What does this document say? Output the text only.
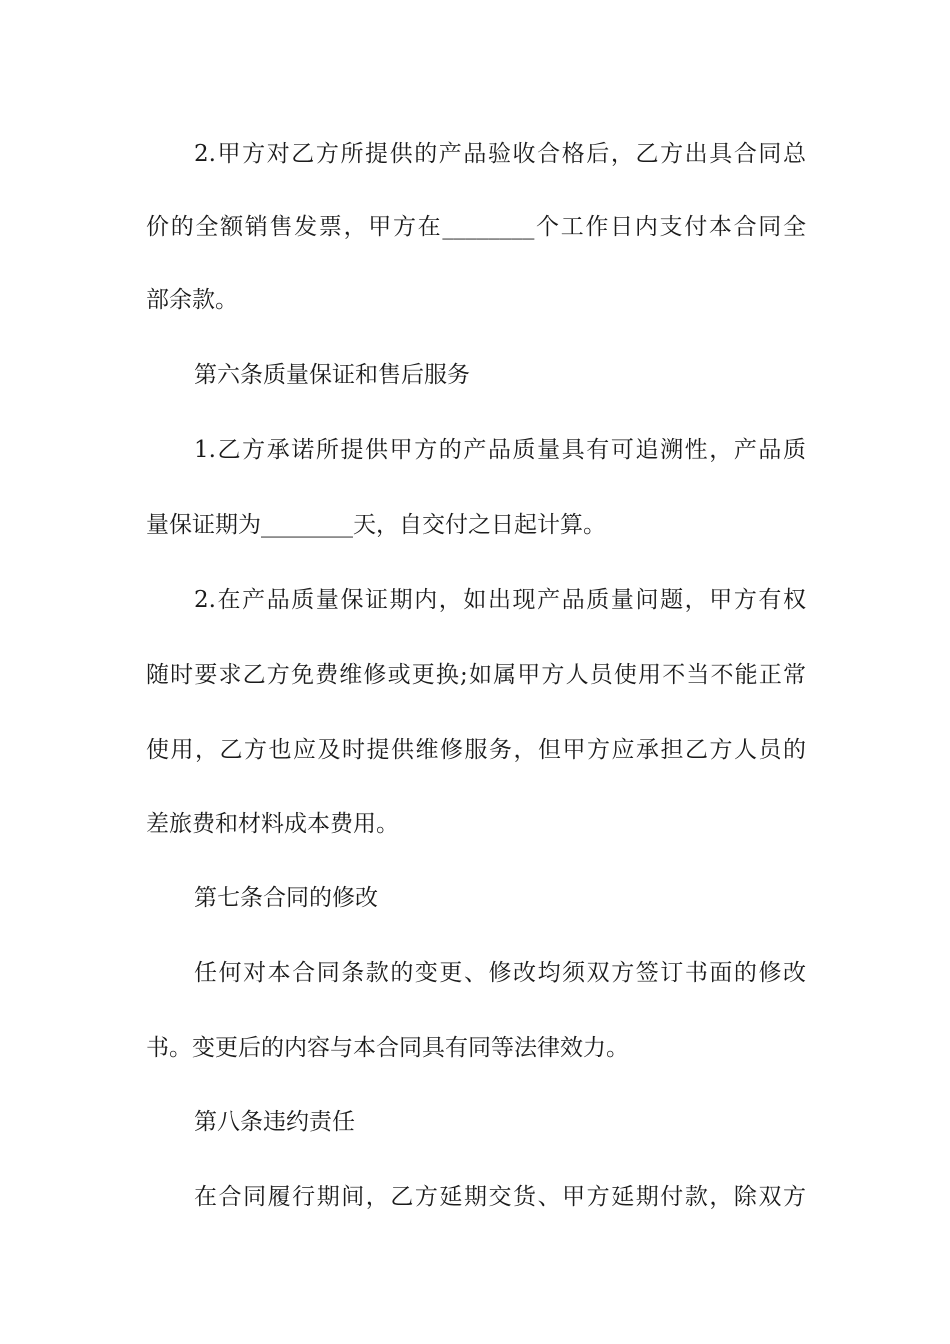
2.甲方对乙方所提供的产品验收合格后，乙方出具合同总
价的全额销售发票，甲方在________个工作日内支付本合同全
部余款。
第六条质量保证和售后服务
1.乙方承诺所提供甲方的产品质量具有可追溯性，产品质
量保证期为________天，自交付之日起计算。
2.在产品质量保证期内，如出现产品质量问题，甲方有权
随时要求乙方免费维修或更换;如属甲方人员使用不当不能正常
使用，乙方也应及时提供维修服务，但甲方应承担乙方人员的
差旅费和材料成本费用。
第七条合同的修改
任何对本合同条款的变更、修改均须双方签订书面的修改
书。变更后的内容与本合同具有同等法律效力。
第八条违约责任
在合同履行期间，乙方延期交货、甲方延期付款，除双方
